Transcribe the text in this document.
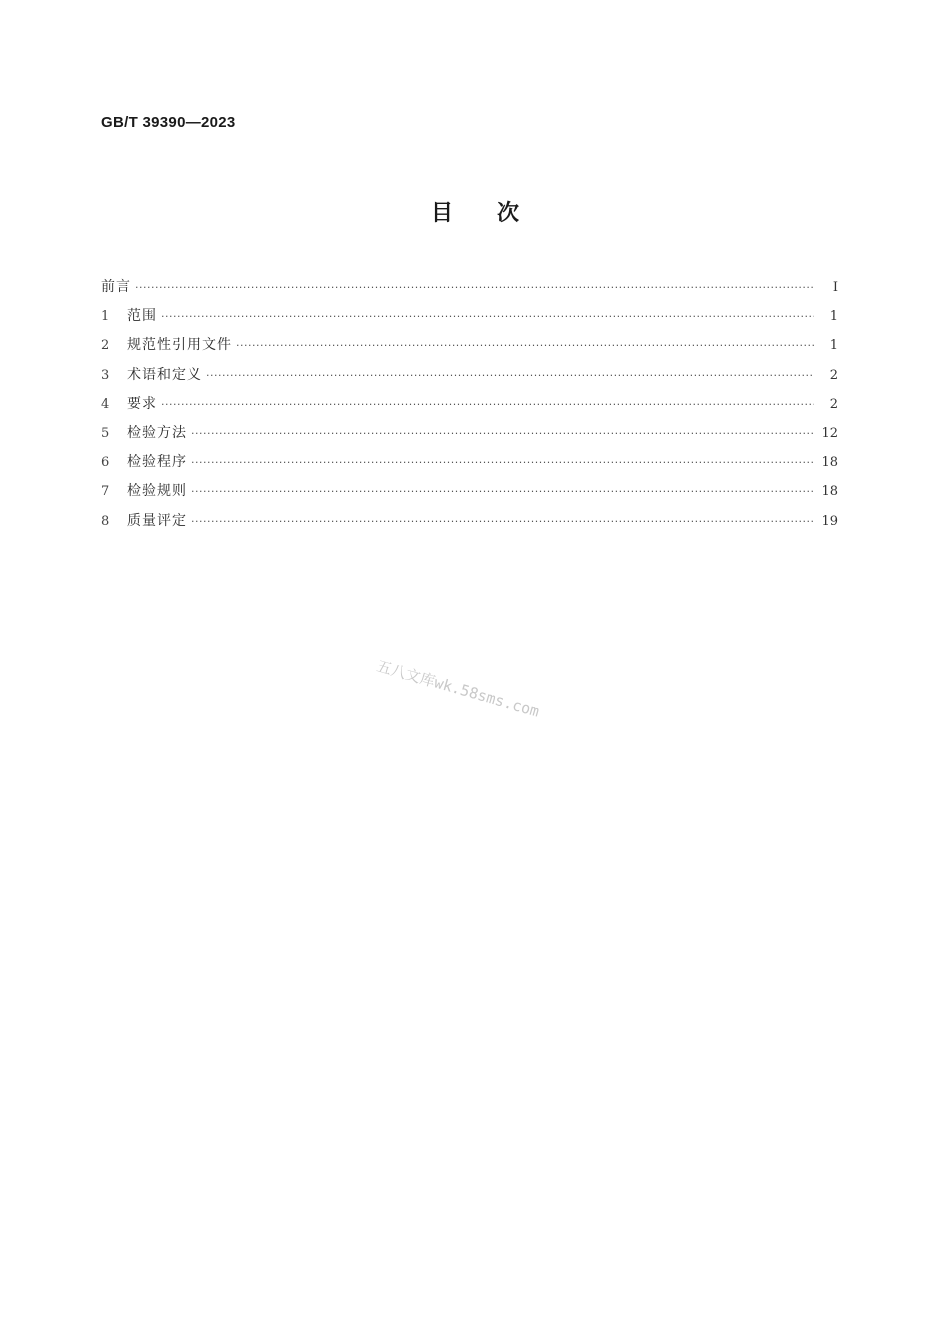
GB/T 39390—2023
目 次
前言 ·····	Ⅰ
1	范围 ·····	1
2	规范性引用文件 ·····	1
3	术语和定义 ·····	2
4	要求 ·····	2
5	检验方法 ·····	12
6	检验程序 ·····	18
7	检验规则 ·····	18
8	质量评定 ·····	19
五八文库wk.58sms.com
